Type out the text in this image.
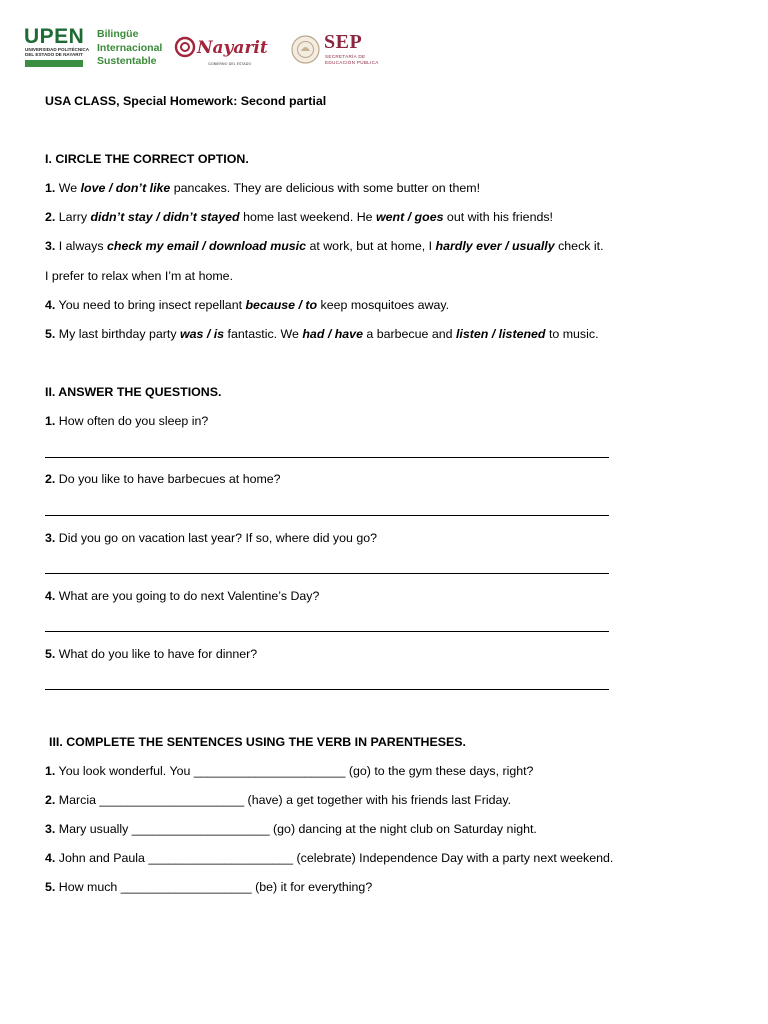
UPEN
UNIVERSIDAD POLITÉCNICA
DEL ESTADO DE NAYARIT
Bilingüe
Internacional
Sustentable
Nayarit
GOBIERNO DEL ESTADO
SEP
SECRETARÍA DE
EDUCACIÓN PÚBLICA
USA CLASS, Special Homework: Second partial
I. CIRCLE THE CORRECT OPTION.
1. We love / don’t like pancakes. They are delicious with some butter on them!
2. Larry didn’t stay / didn’t stayed home last weekend. He went / goes out with his friends!
3. I always check my email / download music at work, but at home, I hardly ever / usually check it.
I prefer to relax when I’m at home.
4. You need to bring insect repellant because / to keep mosquitoes away.
5. My last birthday party was / is fantastic. We had / have a barbecue and listen / listened to music.
II. ANSWER THE QUESTIONS.
1. How often do you sleep in?
2. Do you like to have barbecues at home?
3. Did you go on vacation last year? If so, where did you go?
4. What are you going to do next Valentine’s Day?
5. What do you like to have for dinner?
III. COMPLETE THE SENTENCES USING THE VERB IN PARENTHESES.
1. You look wonderful. You ______________________ (go) to the gym these days, right?
2. Marcia _____________________ (have) a get together with his friends last Friday.
3. Mary usually ____________________ (go) dancing at the night club on Saturday night.
4. John and Paula _____________________ (celebrate) Independence Day with a party next weekend.
5. How much ___________________ (be) it for everything?
